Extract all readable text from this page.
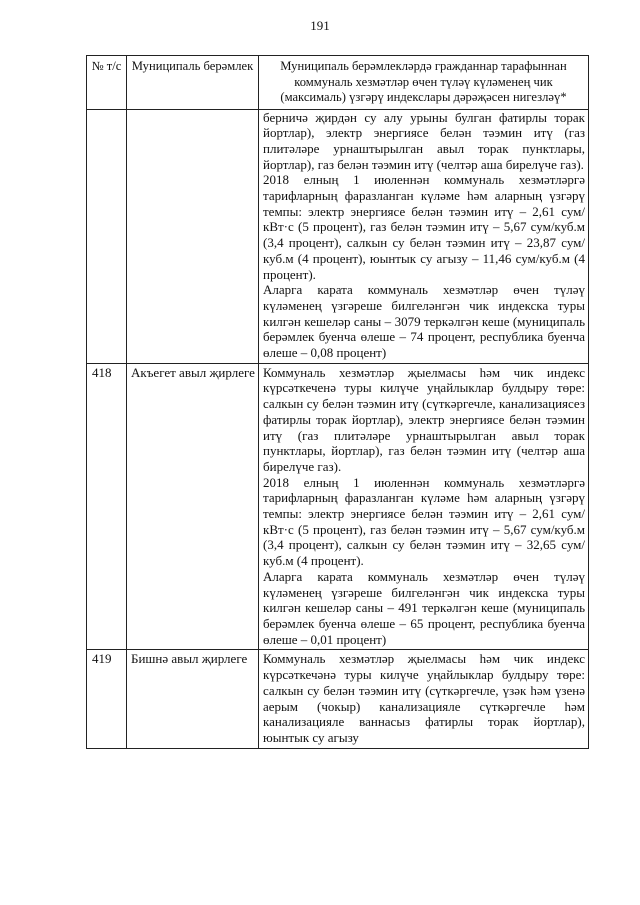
191
№ т/с	Муниципаль берәмлек	Муниципаль берәмлекләрдә гражданнар тарафыннан коммуналь хезмәтләр өчен түләү күләменең чик (максималь) үзгәрү индекслары дәрәҗәсен нигезләү*

		берничә җирдән су алу урыны булган фатирлы торак йортлар), электр энергиясе белән тәэмин итү (газ плитәләре урнаштырылган авыл торак пунктлары, йортлар), газ белән тәэмин итү (челтәр аша бирелүче газ).

2018 елның 1 июленнән коммуналь хезмәтләргә тарифларның фаразланган күләме һәм аларның үзгәрү темпы: электр энергиясе белән тәэмин итү – 2,61 сум/кВт·с (5 процент), газ белән тәэмин итү – 5,67 сум/куб.м (3,4 процент), салкын су белән тәэмин итү – 23,87 сум/куб.м (4 процент), юынтык су агызу – 11,46 сум/куб.м (4 процент).

Аларга карата коммуналь хезмәтләр өчен түләү күләменең үзгәреше билгеләнгән чик индекска туры килгән кешеләр саны – 3079 теркәлгән кеше (муниципаль берәмлек буенча өлеше – 74 процент, республика буенча өлеше – 0,08 процент)

418	Акъегет авыл җирлеге	Коммуналь хезмәтләр җыелмасы һәм чик индекс күрсәткеченә туры килүче уңайлыклар булдыру төре: салкын су белән тәэмин итү (сүткәргечле, канализациясез фатирлы торак йортлар), электр энергиясе белән тәэмин итү (газ плитәләре урнаштырылган авыл торак пунктлары, йортлар), газ белән тәэмин итү (челтәр аша бирелүче газ).

2018 елның 1 июленнән коммуналь хезмәтләргә тарифларның фаразланган күләме һәм аларның үзгәрү темпы: электр энергиясе белән тәэмин итү – 2,61 сум/кВт·с (5 процент), газ белән тәэмин итү – 5,67 сум/куб.м (3,4 процент), салкын су белән тәэмин итү – 32,65 сум/куб.м (4 процент).

Аларга карата коммуналь хезмәтләр өчен түләү күләменең үзгәреше билгеләнгән чик индекска туры килгән кешеләр саны – 491 теркәлгән кеше (муниципаль берәмлек буенча өлеше – 65 процент, республика буенча өлеше – 0,01 процент)

419	Бишнә авыл җирлеге	Коммуналь хезмәтләр җыелмасы һәм чик индекс күрсәткечәнә туры килүче уңайлыклар булдыру төре: салкын су белән тәэмин итү (сүткәргечле, үзәк һәм үзенә аерым (чокыр) канализацияле сүткәргечле һәм канализацияле ваннасыз фатирлы торак йортлар), юынтык су агызу
